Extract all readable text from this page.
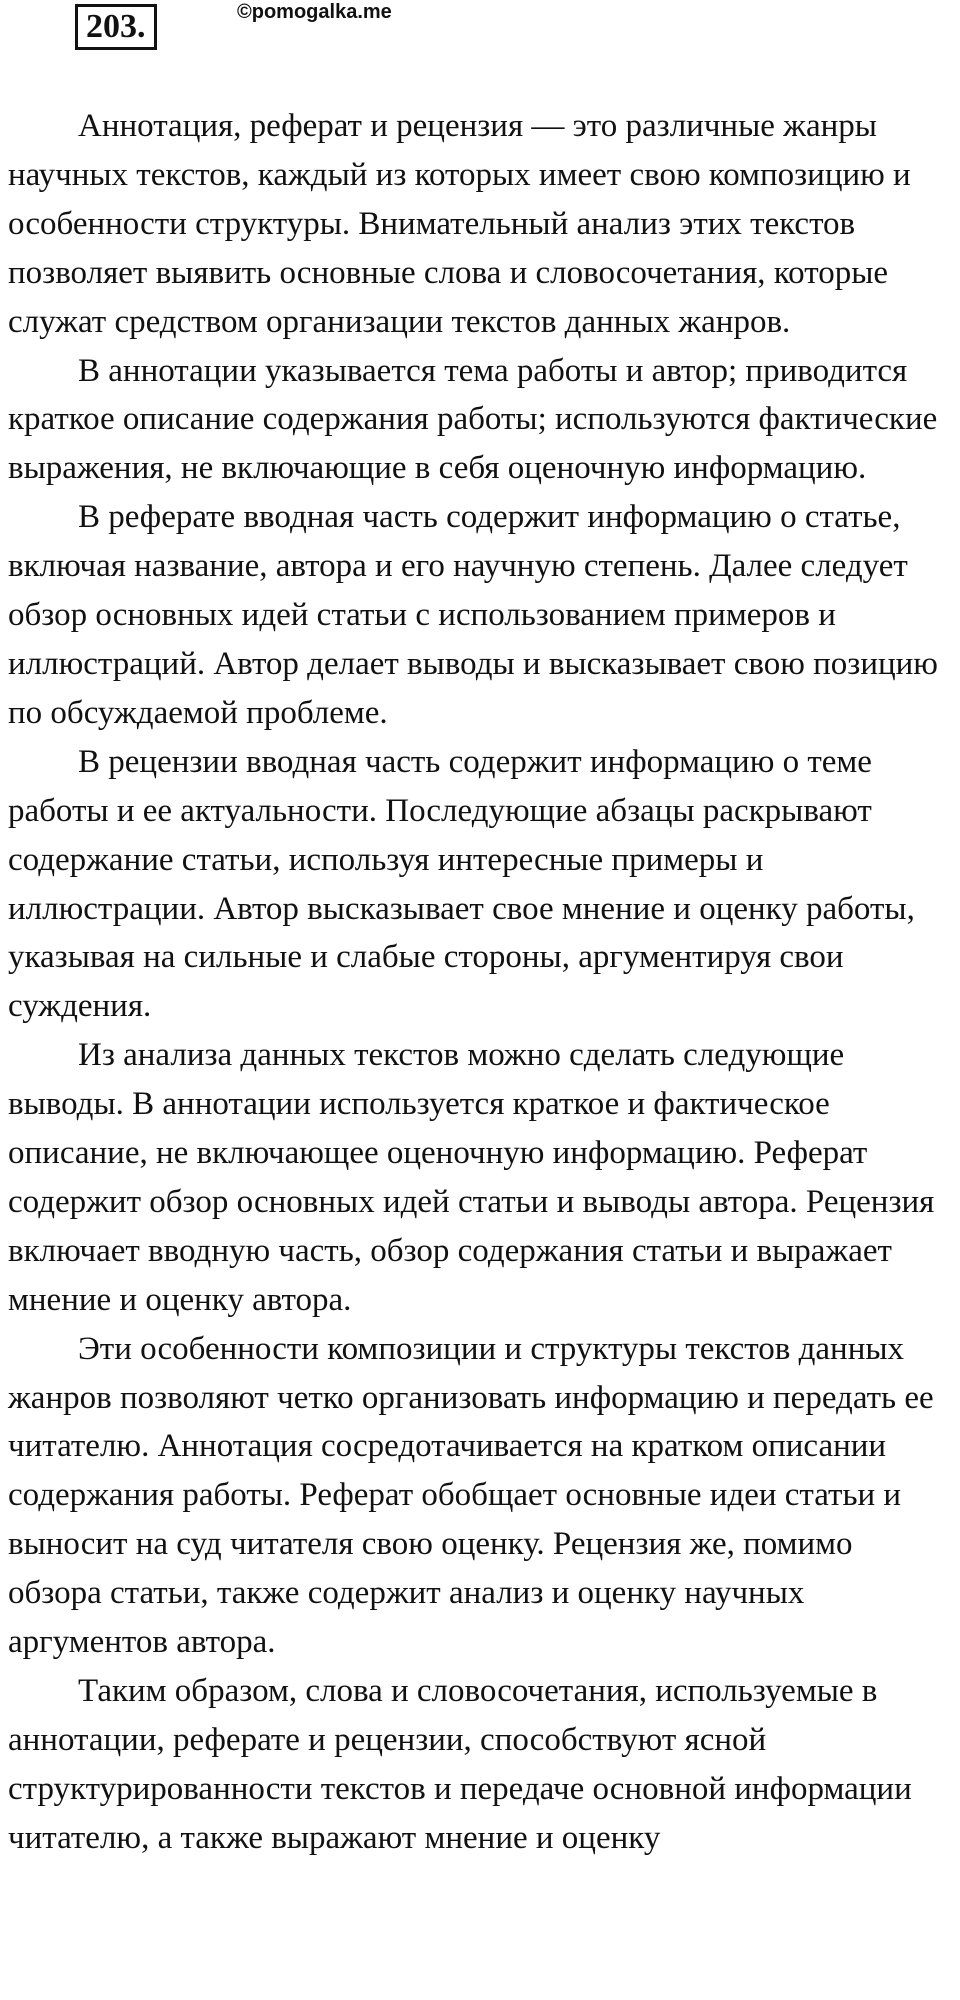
203.	©pomogalka.me

Аннотация, реферат и рецензия — это различные жанры научных текстов, каждый из которых имеет свою композицию и особенности структуры. Внимательный анализ этих текстов позволяет выявить основные слова и словосочетания, которые служат средством организации текстов данных жанров.

В аннотации указывается тема работы и автор; приводится краткое описание содержания работы; используются фактические выражения, не включающие в себя оценочную информацию.

В реферате вводная часть содержит информацию о статье, включая название, автора и его научную степень. Далее следует обзор основных идей статьи с использованием примеров и иллюстраций. Автор делает выводы и высказывает свою позицию по обсуждаемой проблеме.

В рецензии вводная часть содержит информацию о теме работы и ее актуальности. Последующие абзацы раскрывают содержание статьи, используя интересные примеры и иллюстрации. Автор высказывает свое мнение и оценку работы, указывая на сильные и слабые стороны, аргументируя свои суждения.

Из анализа данных текстов можно сделать следующие выводы. В аннотации используется краткое и фактическое описание, не включающее оценочную информацию. Реферат содержит обзор основных идей статьи и выводы автора. Рецензия включает вводную часть, обзор содержания статьи и выражает мнение и оценку автора.

Эти особенности композиции и структуры текстов данных жанров позволяют четко организовать информацию и передать ее читателю. Аннотация сосредотачивается на кратком описании содержания работы. Реферат обобщает основные идеи статьи и выносит на суд читателя свою оценку. Рецензия же, помимо обзора статьи, также содержит анализ и оценку научных аргументов автора.

Таким образом, слова и словосочетания, используемые в аннотации, реферате и рецензии, способствуют ясной структурированности текстов и передаче основной информации читателю, а также выражают мнение и оценку
